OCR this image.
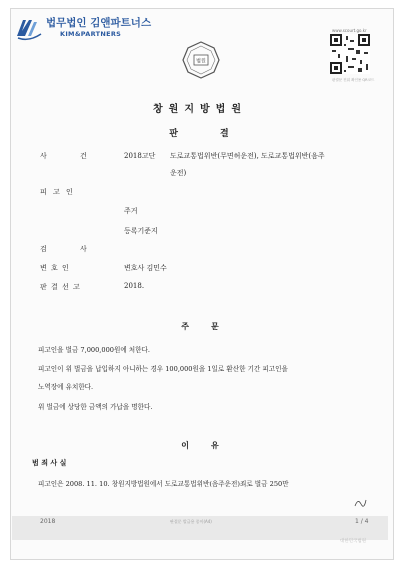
법무법인 김앤파트너스
KIM&PARTNERS	www.scourt.go.kr
판결문 진위 확인용 QR코드
법원
창원지방법원
판	결
사	건	2018고단 도로교통법위반(무면허운전), 도로교통법위반(음주
운전)
피 고 인
주거
등록기준지
검	사
변 호 인	변호사 김민수
판 결 선 고	2018.
주	문
피고인을 벌금 7,000,000원에 처한다.
피고인이 위 벌금을 납입하지 아니하는 경우 100,000원을 1일로 환산한 기간 피고인을
노역장에 유치한다.
위 벌금에 상당한 금액의 가납을 명한다.
이	유
범 죄 사 실
피고인은 2008. 11. 10. 창원지방법원에서 도로교통법위반(음주운전)죄로 벌금 250만
2018	판결문 발급용 종이(A4)	1 / 4
대한민국법원
